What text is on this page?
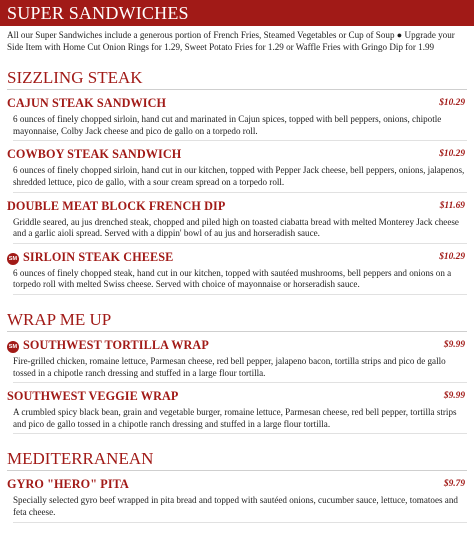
SUPER SANDWICHES
All our Super Sandwiches include a generous portion of French Fries, Steamed Vegetables or Cup of Soup ● Upgrade your Side Item with Home Cut Onion Rings for 1.29, Sweet Potato Fries for 1.29 or Waffle Fries with Gringo Dip for 1.99
SIZZLING STEAK
CAJUN STEAK SANDWICH	$10.29
6 ounces of finely chopped sirloin, hand cut and marinated in Cajun spices, topped with bell peppers, onions, chipotle mayonnaise, Colby Jack cheese and pico de gallo on a torpedo roll.
COWBOY STEAK SANDWICH	$10.29
6 ounces of finely chopped sirloin, hand cut in our kitchen, topped with Pepper Jack cheese, bell peppers, onions, jalapenos, shredded lettuce, pico de gallo, with a sour cream spread on a torpedo roll.
DOUBLE MEAT BLOCK FRENCH DIP	$11.69
Griddle seared, au jus drenched steak, chopped and piled high on toasted ciabatta bread with melted Monterey Jack cheese and a garlic aioli spread. Served with a dippin' bowl of au jus and horseradish sauce.
SM SIRLOIN STEAK CHEESE	$10.29
6 ounces of finely chopped steak, hand cut in our kitchen, topped with sautéed mushrooms, bell peppers and onions on a torpedo roll with melted Swiss cheese. Served with choice of mayonnaise or horseradish sauce.
WRAP ME UP
SM SOUTHWEST TORTILLA WRAP	$9.99
Fire-grilled chicken, romaine lettuce, Parmesan cheese, red bell pepper, jalapeno bacon, tortilla strips and pico de gallo tossed in a chipotle ranch dressing and stuffed in a large flour tortilla.
SOUTHWEST VEGGIE WRAP	$9.99
A crumbled spicy black bean, grain and vegetable burger, romaine lettuce, Parmesan cheese, red bell pepper, tortilla strips and pico de gallo tossed in a chipotle ranch dressing and stuffed in a large flour tortilla.
MEDITERRANEAN
GYRO "HERO" PITA	$9.79
Specially selected gyro beef wrapped in pita bread and topped with sautéed onions, cucumber sauce, lettuce, tomatoes and feta cheese.
